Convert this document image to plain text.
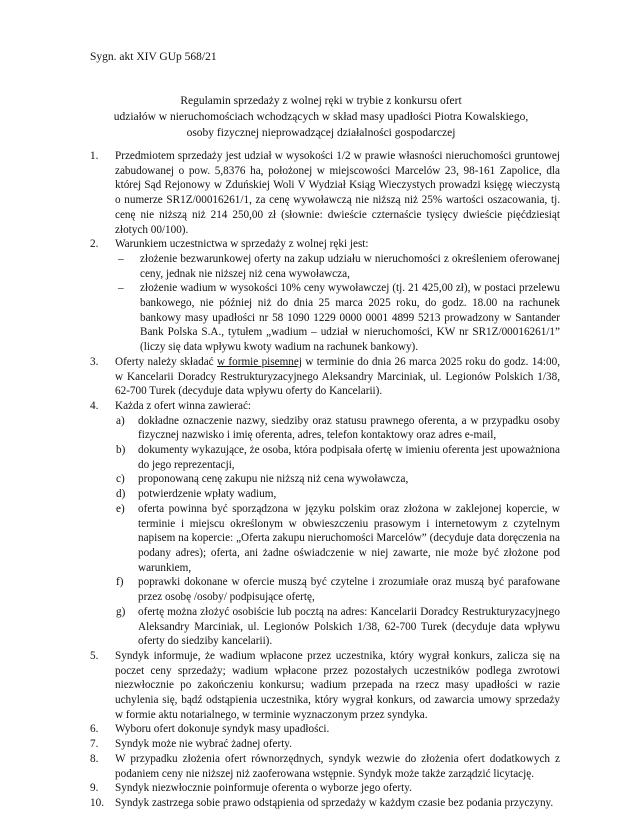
Sygn. akt XIV GUp 568/21
Regulamin sprzedaży z wolnej ręki w trybie z konkursu ofert
udziałów w nieruchomościach wchodzących w skład masy upadłości Piotra Kowalskiego,
osoby fizycznej nieprowadzącej działalności gospodarczej
1. Przedmiotem sprzedaży jest udział w wysokości 1/2 w prawie własności nieruchomości gruntowej zabudowanej o pow. 5,8376 ha, położonej w miejscowości Marcelów 23, 98-161 Zapolice, dla której Sąd Rejonowy w Zduńskiej Woli V Wydział Ksiąg Wieczystych prowadzi księgę wieczystą o numerze SR1Z/00016261/1, za cenę wywoławczą nie niższą niż 25% wartości oszacowania, tj. cenę nie niższą niż 214 250,00 zł (słownie: dwieście czternaście tysięcy dwieście pięćdziesiąt złotych 00/100).
2. Warunkiem uczestnictwa w sprzedaży z wolnej ręki jest:
– złożenie bezwarunkowej oferty na zakup udziału w nieruchomości z określeniem oferowanej ceny, jednak nie niższej niż cena wywoławcza,
– złożenie wadium w wysokości 10% ceny wywoławczej (tj. 21 425,00 zł), w postaci przelewu bankowego, nie później niż do dnia 25 marca 2025 roku, do godz. 18.00 na rachunek bankowy masy upadłości nr 58 1090 1229 0000 0001 4899 5213 prowadzony w Santander Bank Polska S.A., tytułem „wadium – udział w nieruchomości, KW nr SR1Z/00016261/1” (liczy się data wpływu kwoty wadium na rachunek bankowy).
3. Oferty należy składać w formie pisemnej w terminie do dnia 26 marca 2025 roku do godz. 14:00, w Kancelarii Doradcy Restrukturyzacyjnego Aleksandry Marciniak, ul. Legionów Polskich 1/38, 62-700 Turek (decyduje data wpływu oferty do Kancelarii).
4. Każda z ofert winna zawierać:
a) dokładne oznaczenie nazwy, siedziby oraz statusu prawnego oferenta, a w przypadku osoby fizycznej nazwisko i imię oferenta, adres, telefon kontaktowy oraz adres e-mail,
b) dokumenty wykazujące, że osoba, która podpisała ofertę w imieniu oferenta jest upoważniona do jego reprezentacji,
c) proponowaną cenę zakupu nie niższą niż cena wywoławcza,
d) potwierdzenie wpłaty wadium,
e) oferta powinna być sporządzona w języku polskim oraz złożona w zaklejonej kopercie, w terminie i miejscu określonym w obwieszczeniu prasowym i internetowym z czytelnym napisem na kopercie: „Oferta zakupu nieruchomości Marcelów” (decyduje data doręczenia na podany adres); oferta, ani żadne oświadczenie w niej zawarte, nie może być złożone pod warunkiem,
f) poprawki dokonane w ofercie muszą być czytelne i zrozumiałe oraz muszą być parafowane przez osobę /osoby/ podpisujące ofertę,
g) ofertę można złożyć osobiście lub pocztą na adres: Kancelarii Doradcy Restrukturyzacyjnego Aleksandry Marciniak, ul. Legionów Polskich 1/38, 62-700 Turek (decyduje data wpływu oferty do siedziby kancelarii).
5. Syndyk informuje, że wadium wpłacone przez uczestnika, który wygrał konkurs, zalicza się na poczet ceny sprzedaży; wadium wpłacone przez pozostałych uczestników podlega zwrotowi niezwłocznie po zakończeniu konkursu; wadium przepada na rzecz masy upadłości w razie uchylenia się, bądź odstąpienia uczestnika, który wygrał konkurs, od zawarcia umowy sprzedaży w formie aktu notarialnego, w terminie wyznaczonym przez syndyka.
6. Wyboru ofert dokonuje syndyk masy upadłości.
7. Syndyk może nie wybrać żadnej oferty.
8. W przypadku złożenia ofert równorzędnych, syndyk wezwie do złożenia ofert dodatkowych z podaniem ceny nie niższej niż zaoferowana wstępnie. Syndyk może także zarządzić licytację.
9. Syndyk niezwłocznie poinformuje oferenta o wyborze jego oferty.
10. Syndyk zastrzega sobie prawo odstąpienia od sprzedaży w każdym czasie bez podania przyczyny.
